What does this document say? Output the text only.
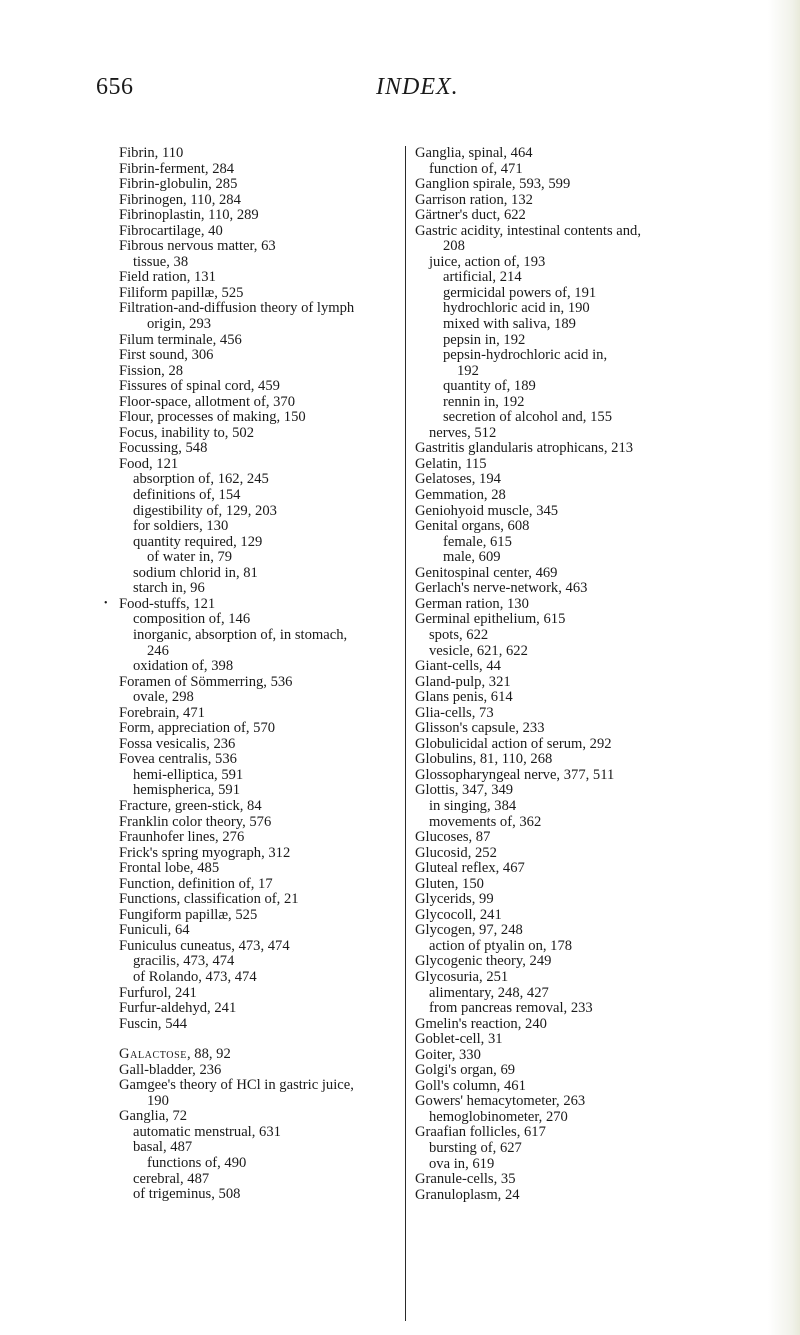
656	INDEX.
•
Fibrin, 110
Fibrin-ferment, 284
Fibrin-globulin, 285
Fibrinogen, 110, 284
Fibrinoplastin, 110, 289
Fibrocartilage, 40
Fibrous nervous matter, 63
tissue, 38
Field ration, 131
Filiform papillæ, 525
Filtration-and-diffusion theory of lymph
origin, 293
Filum terminale, 456
First sound, 306
Fission, 28
Fissures of spinal cord, 459
Floor-space, allotment of, 370
Flour, processes of making, 150
Focus, inability to, 502
Focussing, 548
Food, 121
absorption of, 162, 245
definitions of, 154
digestibility of, 129, 203
for soldiers, 130
quantity required, 129
of water in, 79
sodium chlorid in, 81
starch in, 96
Food-stuffs, 121
composition of, 146
inorganic, absorption of, in stomach,
246
oxidation of, 398
Foramen of Sömmerring, 536
ovale, 298
Forebrain, 471
Form, appreciation of, 570
Fossa vesicalis, 236
Fovea centralis, 536
hemi-elliptica, 591
hemispherica, 591
Fracture, green-stick, 84
Franklin color theory, 576
Fraunhofer lines, 276
Frick's spring myograph, 312
Frontal lobe, 485
Function, definition of, 17
Functions, classification of, 21
Fungiform papillæ, 525
Funiculi, 64
Funiculus cuneatus, 473, 474
gracilis, 473, 474
of Rolando, 473, 474
Furfurol, 241
Furfur-aldehyd, 241
Fuscin, 544
Galactose, 88, 92
Gall-bladder, 236
Gamgee's theory of HCl in gastric juice,
190
Ganglia, 72
automatic menstrual, 631
basal, 487
functions of, 490
cerebral, 487
of trigeminus, 508
Ganglia, spinal, 464
function of, 471
Ganglion spirale, 593, 599
Garrison ration, 132
Gärtner's duct, 622
Gastric acidity, intestinal contents and,
208
juice, action of, 193
artificial, 214
germicidal powers of, 191
hydrochloric acid in, 190
mixed with saliva, 189
pepsin in, 192
pepsin-hydrochloric acid in,
192
quantity of, 189
rennin in, 192
secretion of alcohol and, 155
nerves, 512
Gastritis glandularis atrophicans, 213
Gelatin, 115
Gelatoses, 194
Gemmation, 28
Geniohyoid muscle, 345
Genital organs, 608
female, 615
male, 609
Genitospinal center, 469
Gerlach's nerve-network, 463
German ration, 130
Germinal epithelium, 615
spots, 622
vesicle, 621, 622
Giant-cells, 44
Gland-pulp, 321
Glans penis, 614
Glia-cells, 73
Glisson's capsule, 233
Globulicidal action of serum, 292
Globulins, 81, 110, 268
Glossopharyngeal nerve, 377, 511
Glottis, 347, 349
in singing, 384
movements of, 362
Glucoses, 87
Glucosid, 252
Gluteal reflex, 467
Gluten, 150
Glycerids, 99
Glycocoll, 241
Glycogen, 97, 248
action of ptyalin on, 178
Glycogenic theory, 249
Glycosuria, 251
alimentary, 248, 427
from pancreas removal, 233
Gmelin's reaction, 240
Goblet-cell, 31
Goiter, 330
Golgi's organ, 69
Goll's column, 461
Gowers' hemacytometer, 263
hemoglobinometer, 270
Graafian follicles, 617
bursting of, 627
ova in, 619
Granule-cells, 35
Granuloplasm, 24
